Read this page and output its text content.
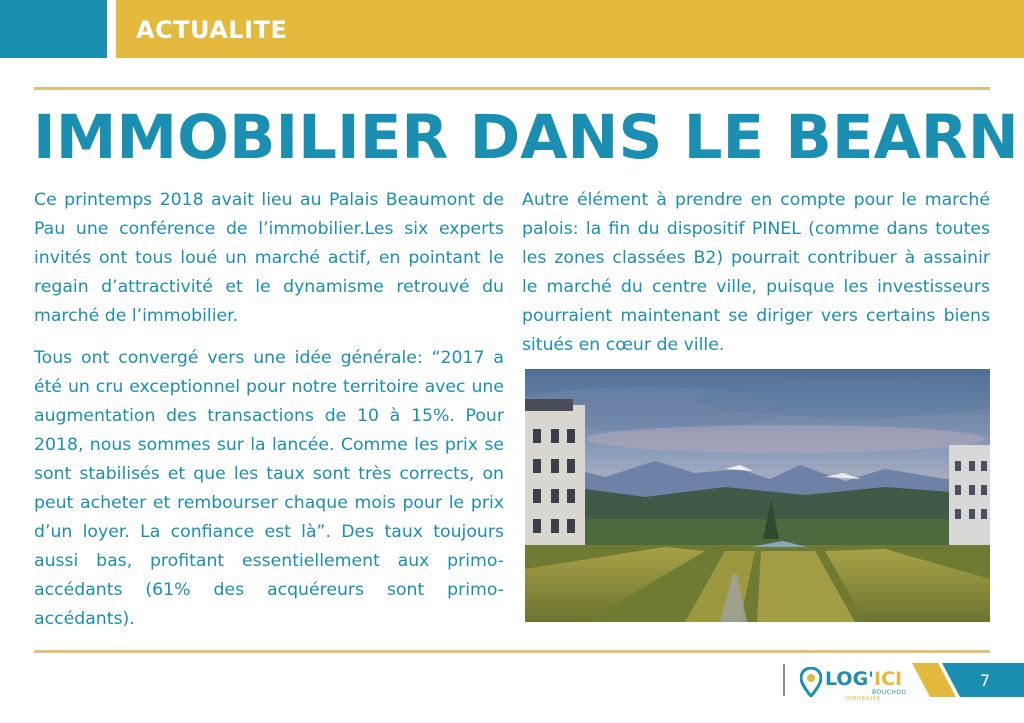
ACTUALITE
IMMOBILIER DANS LE BEARN

Ce printemps 2018 avait lieu au Palais Beaumont de Pau une conférence de l’immobilier.Les six experts invités ont tous loué un marché actif, en pointant le regain d’attractivité et le dynamisme retrouvé du marché de l’immobilier.

Tous ont convergé vers une idée générale: “2017 a été un cru exceptionnel pour notre territoire avec une augmentation des transactions de 10 à 15%. Pour 2018, nous sommes sur la lancée. Comme les prix se sont stabilisés et que les taux sont très corrects, on peut acheter et rembourser chaque mois pour le prix d’un loyer. La confiance est là”. Des taux toujours aussi bas, profitant essentiellement aux primo-accédants (61% des acquéreurs sont primo-accédants).

Autre élément à prendre en compte pour le marché palois: la fin du dispositif PINEL (comme dans toutes les zones classées B2) pourrait contribuer à assainir le marché du centre ville, puisque les investisseurs pourraient maintenant se diriger vers certains biens situés en cœur de ville.

LOG'ICI
BOUCHOU
IMMOBILIER
7
